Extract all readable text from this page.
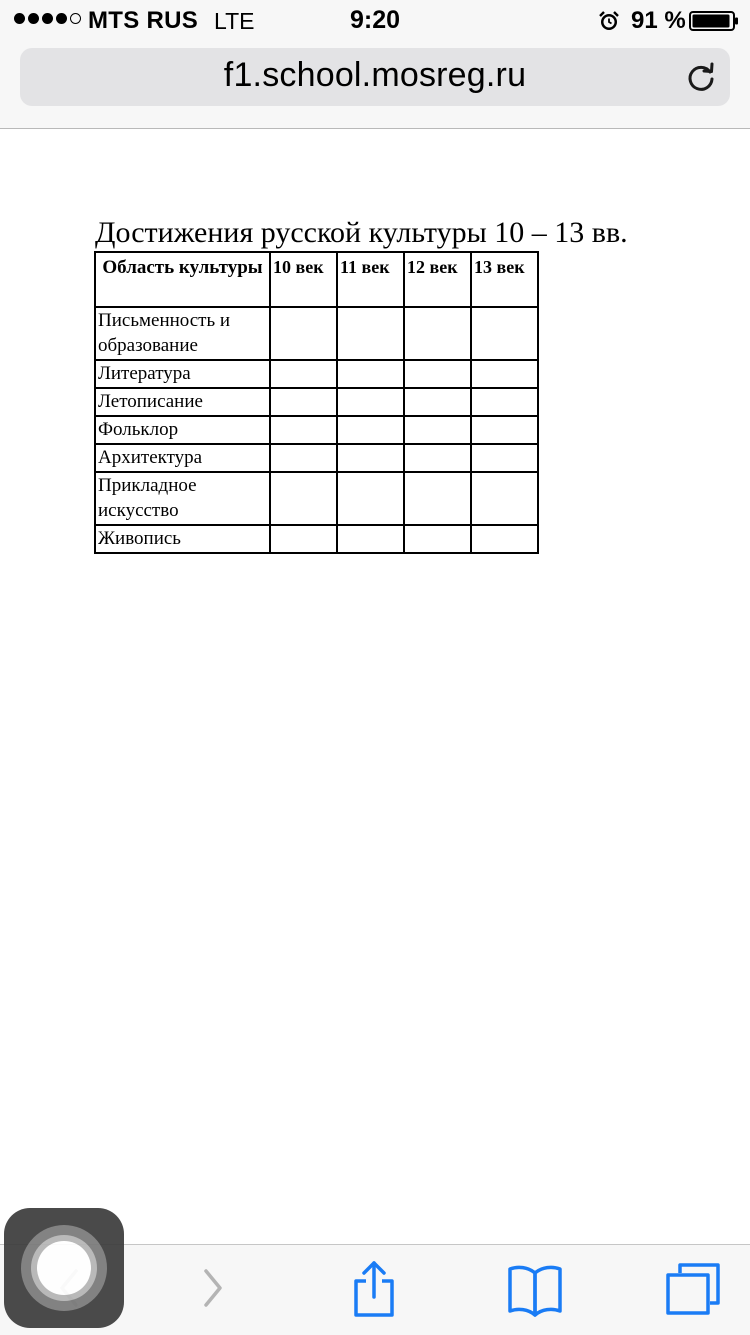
MTS RUS LTE	9:20	91 %
f1.school.mosreg.ru
Достижения русской культуры 10 – 13 вв.
Область культуры	10 век	11 век	12 век	13 век
Письменность и образование				
Литература				
Летописание				
Фольклор				
Архитектура				
Прикладное искусство				
Живопись				
